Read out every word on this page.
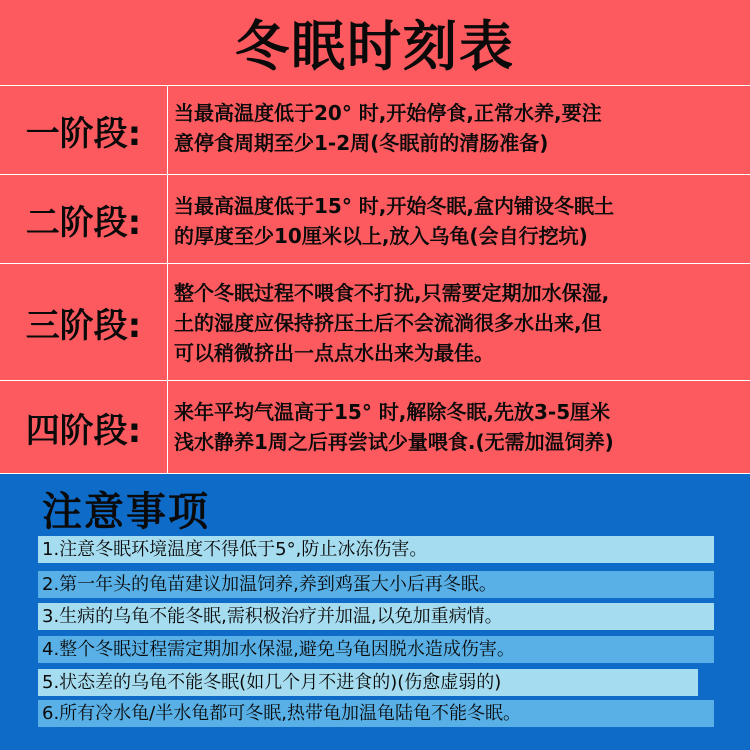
冬眠时刻表
一阶段:
当最高温度低于20° 时,开始停食,正常水养,要注
意停食周期至少1-2周(冬眠前的清肠准备)
二阶段:	当最高温度低于15° 时,开始冬眠,盒内铺设冬眠土
的厚度至少10厘米以上,放入乌龟(会自行挖坑)
三阶段:
整个冬眠过程不喂食不打扰,只需要定期加水保湿,
土的湿度应保持挤压土后不会流淌很多水出来,但
可以稍微挤出一点点水出来为最佳。
四阶段:	来年平均气温高于15° 时,解除冬眠,先放3-5厘米
浅水静养1周之后再尝试少量喂食.(无需加温饲养)
注意事项
1.注意冬眠环境温度不得低于5°,防止冰冻伤害。
2.第一年头的龟苗建议加温饲养,养到鸡蛋大小后再冬眠。
3.生病的乌龟不能冬眠,需积极治疗并加温,以免加重病情。
4.整个冬眠过程需定期加水保湿,避免乌龟因脱水造成伤害。
5.状态差的乌龟不能冬眠(如几个月不进食的)(伤愈虚弱的)
6.所有冷水龟/半水龟都可冬眠,热带龟加温龟陆龟不能冬眠。
